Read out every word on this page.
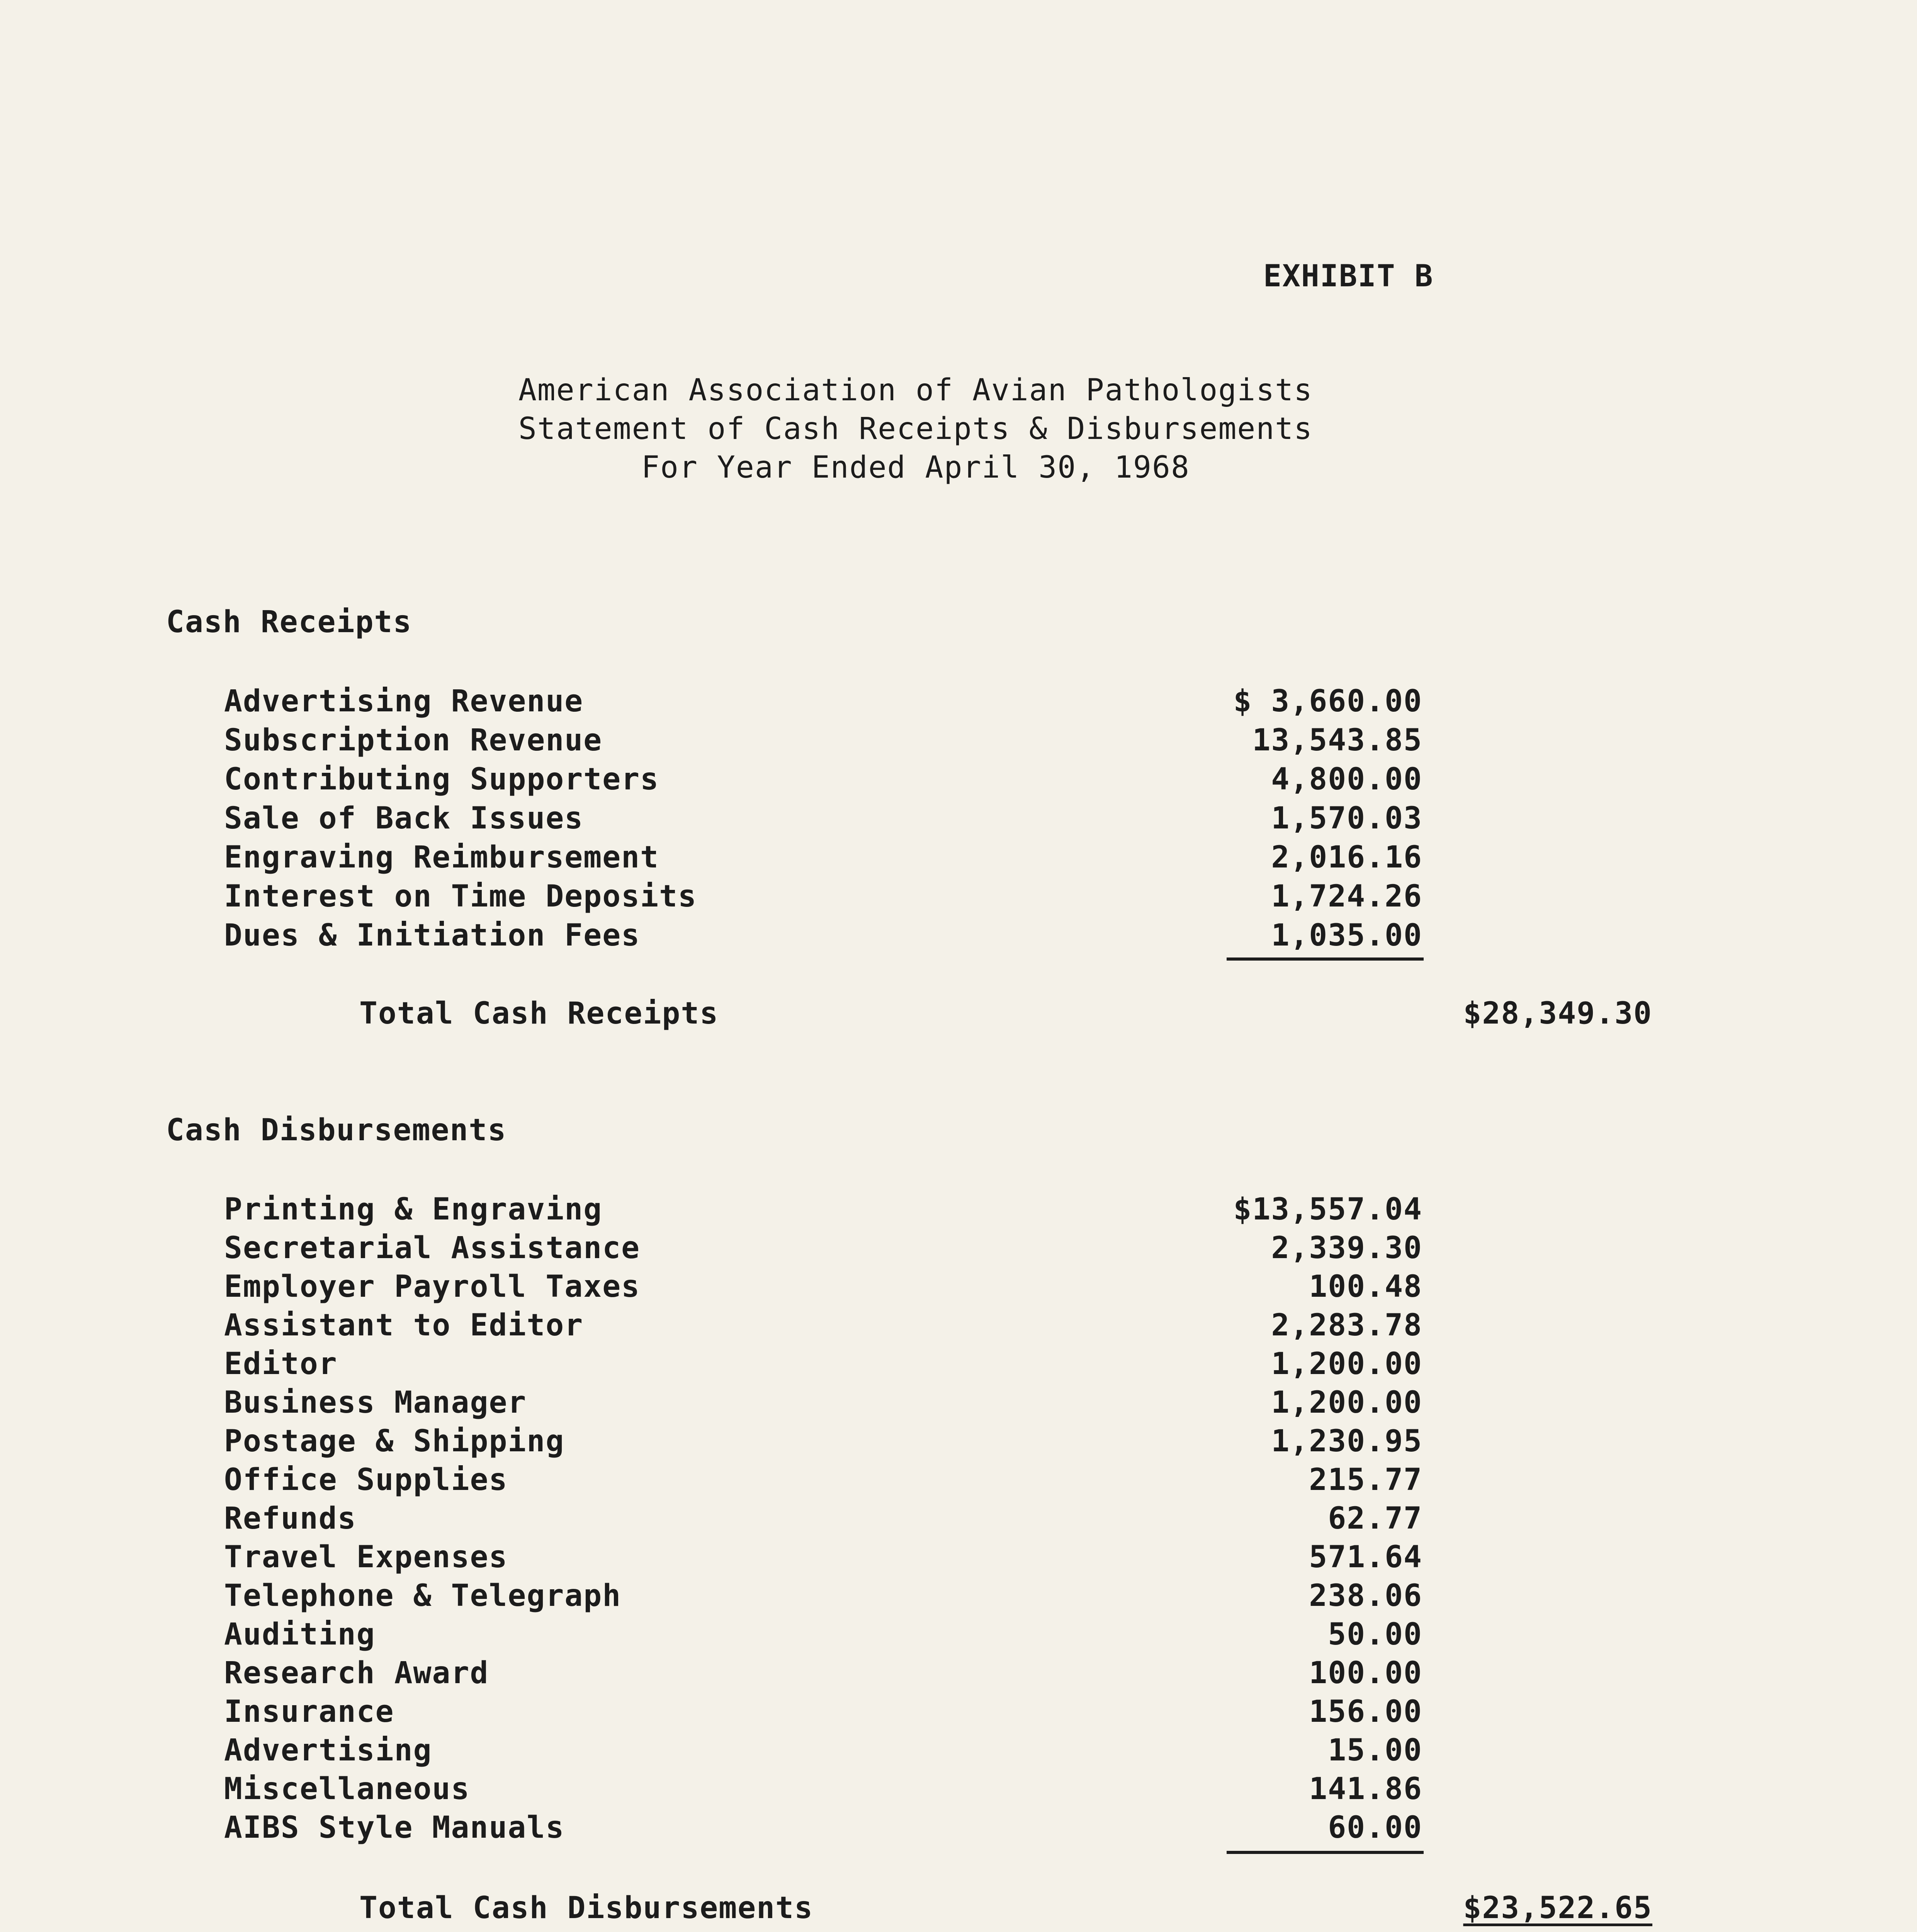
EXHIBIT B
American Association of Avian Pathologists
Statement of Cash Receipts & Disbursements
For Year Ended April 30, 1968
Cash Receipts
Advertising Revenue	$ 3,660.00
Subscription Revenue	13,543.85
Contributing Supporters	4,800.00
Sale of Back Issues	1,570.03
Engraving Reimbursement	2,016.16
Interest on Time Deposits	1,724.26
Dues & Initiation Fees	1,035.00
Total Cash Receipts	$28,349.30
Cash Disbursements
Printing & Engraving	$13,557.04
Secretarial Assistance	2,339.30
Employer Payroll Taxes	100.48
Assistant to Editor	2,283.78
Editor	1,200.00
Business Manager	1,200.00
Postage & Shipping	1,230.95
Office Supplies	215.77
Refunds	62.77
Travel Expenses	571.64
Telephone & Telegraph	238.06
Auditing	50.00
Research Award	100.00
Insurance	156.00
Advertising	15.00
Miscellaneous	141.86
AIBS Style Manuals	60.00
Total Cash Disbursements	$23,522.65
